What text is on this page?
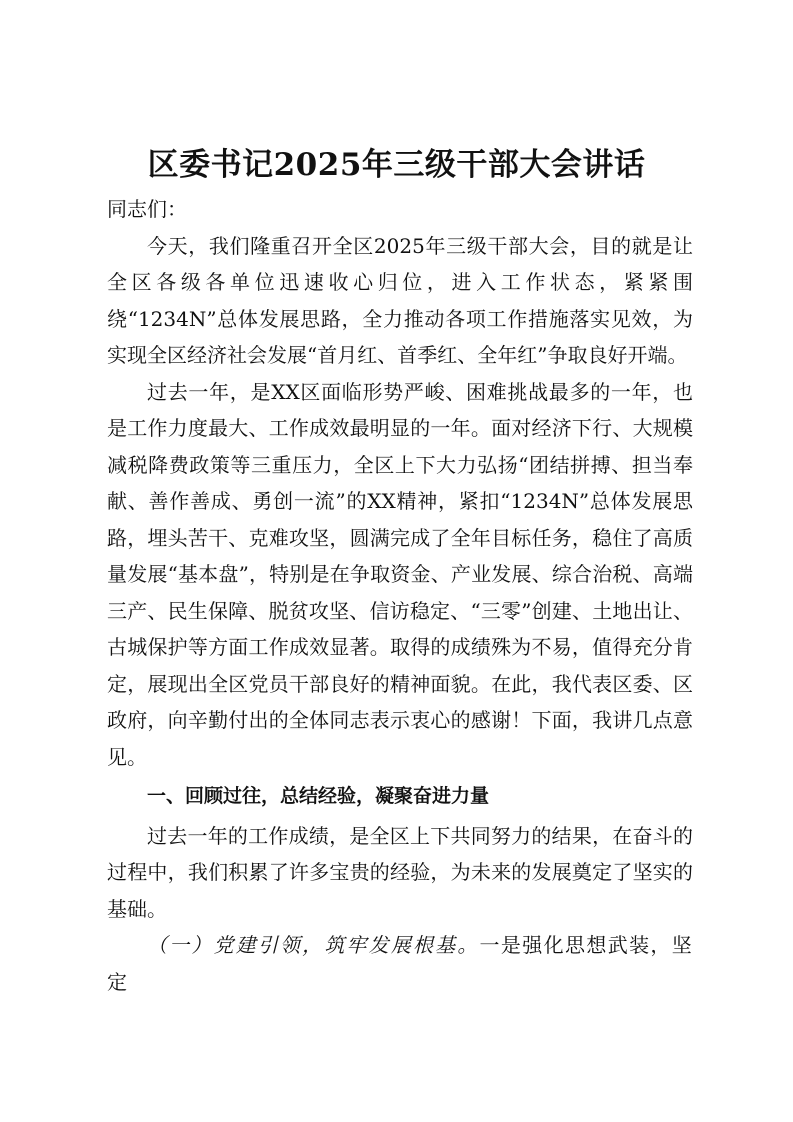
区委书记2025年三级干部大会讲话

同志们：

今天，我们隆重召开全区2025年三级干部大会，目的就是让全区各级各单位迅速收心归位，进入工作状态，紧紧围绕“1234N”总体发展思路，全力推动各项工作措施落实见效，为实现全区经济社会发展“首月红、首季红、全年红”争取良好开端。

过去一年，是XX区面临形势严峻、困难挑战最多的一年，也是工作力度最大、工作成效最明显的一年。面对经济下行、大规模减税降费政策等三重压力，全区上下大力弘扬“团结拼搏、担当奉献、善作善成、勇创一流”的XX精神，紧扣“1234N”总体发展思路，埋头苦干、克难攻坚，圆满完成了全年目标任务，稳住了高质量发展“基本盘”，特别是在争取资金、产业发展、综合治税、高端三产、民生保障、脱贫攻坚、信访稳定、“三零”创建、土地出让、古城保护等方面工作成效显著。取得的成绩殊为不易，值得充分肯定，展现出全区党员干部良好的精神面貌。在此，我代表区委、区政府，向辛勤付出的全体同志表示衷心的感谢！下面，我讲几点意见。

一、回顾过往，总结经验，凝聚奋进力量

过去一年的工作成绩，是全区上下共同努力的结果，在奋斗的过程中，我们积累了许多宝贵的经验，为未来的发展奠定了坚实的基础。

（一）党建引领，筑牢发展根基。一是强化思想武装，坚定
